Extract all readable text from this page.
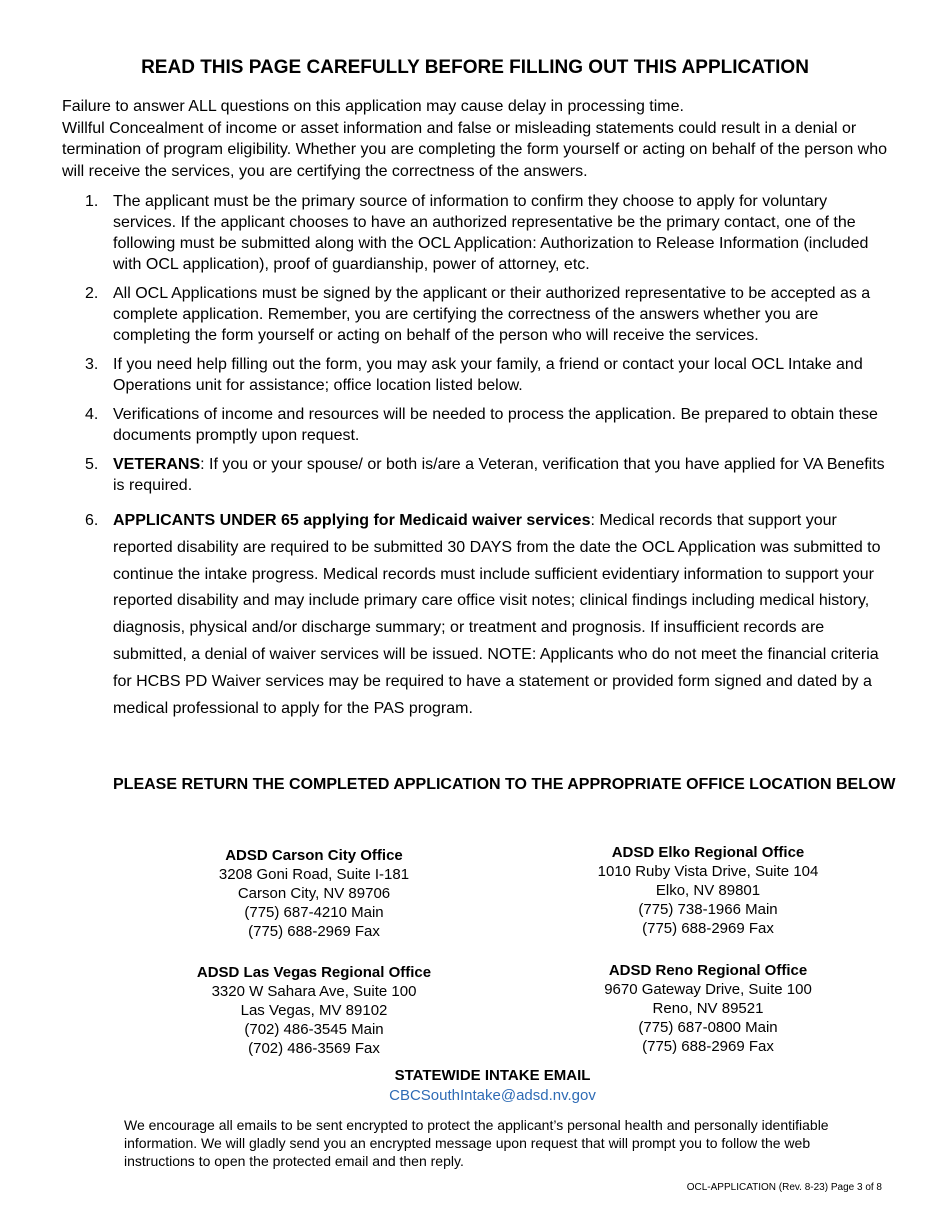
READ THIS PAGE CAREFULLY BEFORE FILLING OUT THIS APPLICATION

Failure to answer ALL questions on this application may cause delay in processing time.

Willful Concealment of income or asset information and false or misleading statements could result in a denial or termination of program eligibility. Whether you are completing the form yourself or acting on behalf of the person who will receive the services, you are certifying the correctness of the answers.

1. The applicant must be the primary source of information to confirm they choose to apply for voluntary services. If the applicant chooses to have an authorized representative be the primary contact, one of the following must be submitted along with the OCL Application: Authorization to Release Information (included with OCL application), proof of guardianship, power of attorney, etc.
2. All OCL Applications must be signed by the applicant or their authorized representative to be accepted as a complete application. Remember, you are certifying the correctness of the answers whether you are completing the form yourself or acting on behalf of the person who will receive the services.
3. If you need help filling out the form, you may ask your family, a friend or contact your local OCL Intake and Operations unit for assistance; office location listed below.
4. Verifications of income and resources will be needed to process the application. Be prepared to obtain these documents promptly upon request.
5. VETERANS: If you or your spouse/ or both is/are a Veteran, verification that you have applied for VA Benefits is required.
6. APPLICANTS UNDER 65 applying for Medicaid waiver services: Medical records that support your reported disability are required to be submitted 30 DAYS from the date the OCL Application was submitted to continue the intake progress. Medical records must include sufficient evidentiary information to support your reported disability and may include primary care office visit notes; clinical findings including medical history, diagnosis, physical and/or discharge summary; or treatment and prognosis. If insufficient records are submitted, a denial of waiver services will be issued. NOTE: Applicants who do not meet the financial criteria for HCBS PD Waiver services may be required to have a statement or provided form signed and dated by a medical professional to apply for the PAS program.

PLEASE RETURN THE COMPLETED APPLICATION TO THE APPROPRIATE OFFICE LOCATION BELOW

ADSD Carson City Office
3208 Goni Road, Suite I-181
Carson City, NV 89706
(775) 687-4210 Main
(775) 688-2969 Fax
ADSD Elko Regional Office
1010 Ruby Vista Drive, Suite 104
Elko, NV 89801
(775) 738-1966 Main
(775) 688-2969 Fax
ADSD Las Vegas Regional Office
3320 W Sahara Ave, Suite 100
Las Vegas, MV 89102
(702) 486-3545 Main
(702) 486-3569 Fax
ADSD Reno Regional Office
9670 Gateway Drive, Suite 100
Reno, NV 89521
(775) 687-0800 Main
(775) 688-2969 Fax
STATEWIDE INTAKE EMAIL
CBCSouthIntake@adsd.nv.gov

We encourage all emails to be sent encrypted to protect the applicant’s personal health and personally identifiable information. We will gladly send you an encrypted message upon request that will prompt you to follow the web instructions to open the protected email and then reply.

OCL-APPLICATION (Rev. 8-23) Page 3 of 8
